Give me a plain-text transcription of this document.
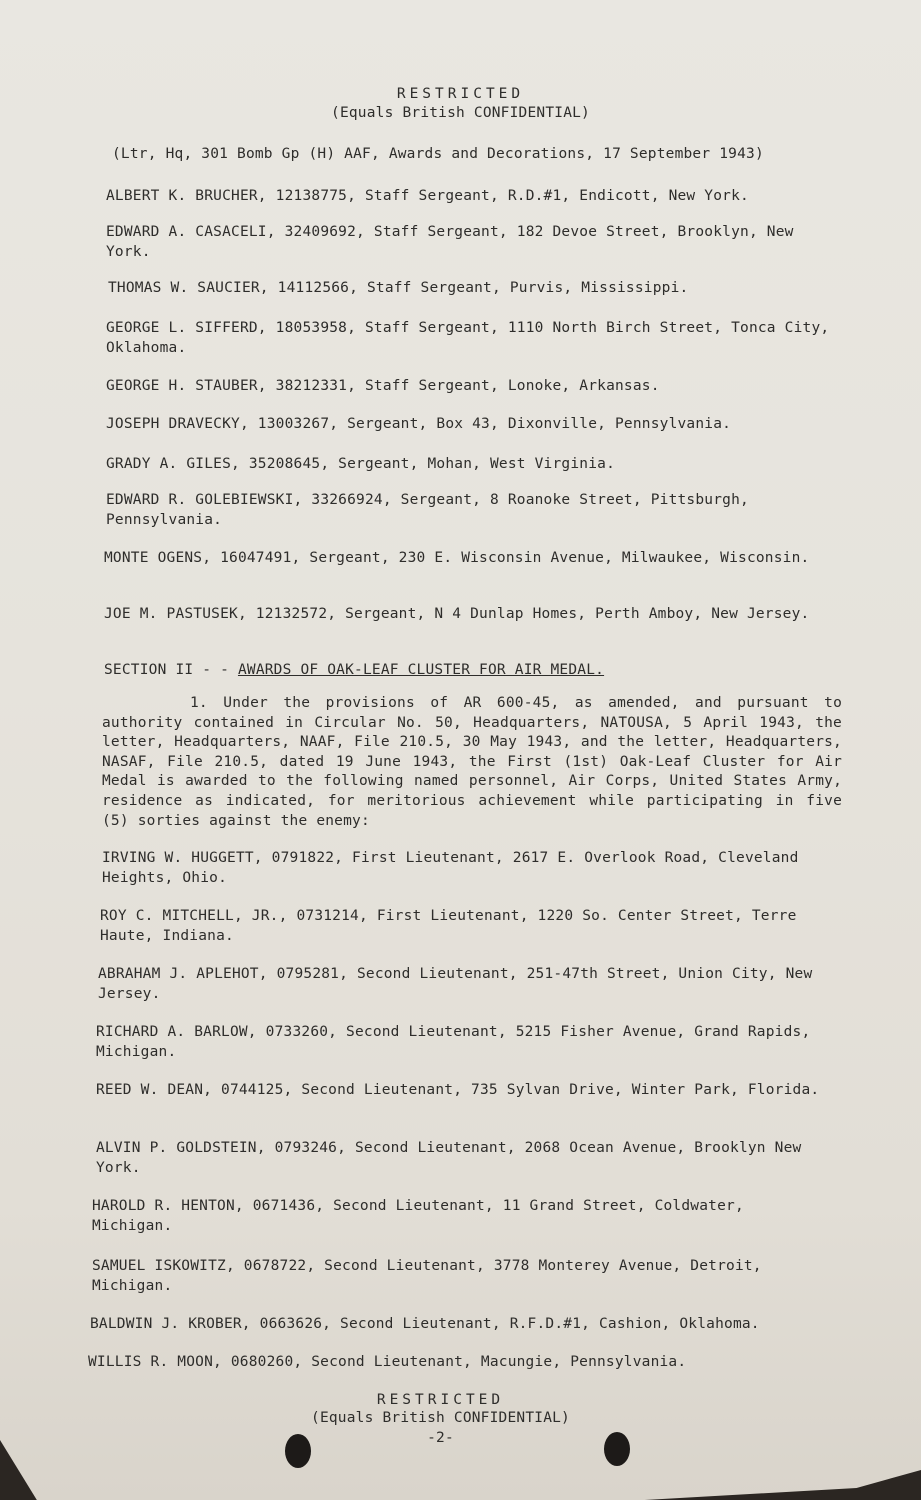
RESTRICTED
(Equals British CONFIDENTIAL)
(Ltr, Hq, 301 Bomb Gp (H) AAF, Awards and Decorations, 17 September 1943)
ALBERT K. BRUCHER, 12138775, Staff Sergeant, R.D.#1, Endicott, New York.
EDWARD A. CASACELI, 32409692, Staff Sergeant, 182 Devoe Street, Brooklyn, New York.
THOMAS W. SAUCIER, 14112566, Staff Sergeant, Purvis, Mississippi.
GEORGE L. SIFFERD, 18053958, Staff Sergeant, 1110 North Birch Street, Tonca City, Oklahoma.
GEORGE H. STAUBER, 38212331, Staff Sergeant, Lonoke, Arkansas.
JOSEPH DRAVECKY, 13003267, Sergeant, Box 43, Dixonville, Pennsylvania.
GRADY A. GILES, 35208645, Sergeant, Mohan, West Virginia.
EDWARD R. GOLEBIEWSKI, 33266924, Sergeant, 8 Roanoke Street, Pittsburgh, Pennsylvania.
MONTE OGENS, 16047491, Sergeant, 230 E. Wisconsin Avenue, Milwaukee, Wisconsin.
JOE M. PASTUSEK, 12132572, Sergeant, N 4 Dunlap Homes, Perth Amboy, New Jersey.
SECTION II - - AWARDS OF OAK-LEAF CLUSTER FOR AIR MEDAL.
1. Under the provisions of AR 600-45, as amended, and pursuant to authority contained in Circular No. 50, Headquarters, NATOUSA, 5 April 1943, the letter, Headquarters, NAAF, File 210.5, 30 May 1943, and the letter, Headquarters, NASAF, File 210.5, dated 19 June 1943, the First (1st) Oak-Leaf Cluster for Air Medal is awarded to the following named personnel, Air Corps, United States Army, residence as indicated, for meritorious achievement while participating in five (5) sorties against the enemy:
IRVING W. HUGGETT, 0791822, First Lieutenant, 2617 E. Overlook Road, Cleveland Heights, Ohio.
ROY C. MITCHELL, JR., 0731214, First Lieutenant, 1220 So. Center Street, Terre Haute, Indiana.
ABRAHAM J. APLEHOT, 0795281, Second Lieutenant, 251-47th Street, Union City, New Jersey.
RICHARD A. BARLOW, 0733260, Second Lieutenant, 5215 Fisher Avenue, Grand Rapids, Michigan.
REED W. DEAN, 0744125, Second Lieutenant, 735 Sylvan Drive, Winter Park, Florida.
ALVIN P. GOLDSTEIN, 0793246, Second Lieutenant, 2068 Ocean Avenue, Brooklyn New York.
HAROLD R. HENTON, 0671436, Second Lieutenant, 11 Grand Street, Coldwater, Michigan.
SAMUEL ISKOWITZ, 0678722, Second Lieutenant, 3778 Monterey Avenue, Detroit, Michigan.
BALDWIN J. KROBER, 0663626, Second Lieutenant, R.F.D.#1, Cashion, Oklahoma.
WILLIS R. MOON, 0680260, Second Lieutenant, Macungie, Pennsylvania.
RESTRICTED
(Equals British CONFIDENTIAL)
-2-
